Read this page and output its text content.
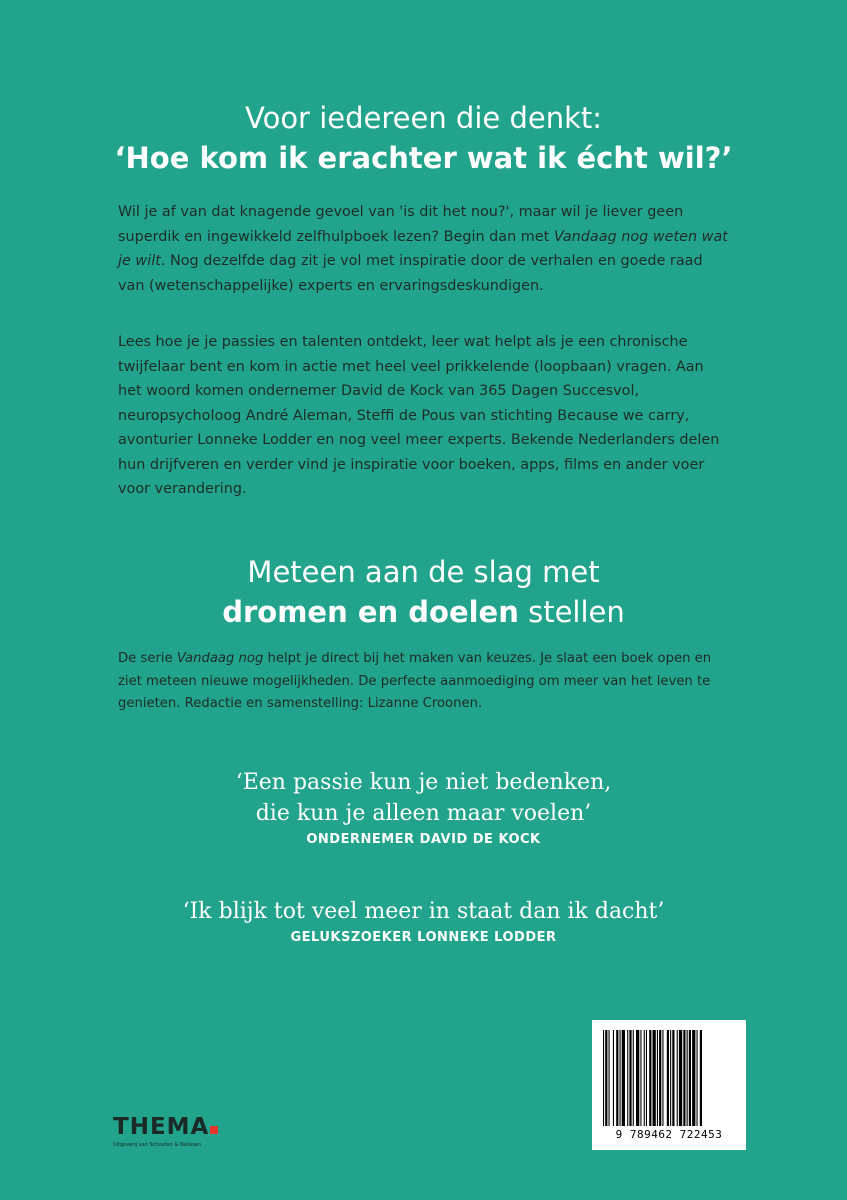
Voor iedereen die denkt:
‘Hoe kom ik erachter wat ik écht wil?’
Wil je af van dat knagende gevoel van 'is dit het nou?', maar wil je liever geen superdik en ingewikkeld zelfhulpboek lezen? Begin dan met Vandaag nog weten wat je wilt. Nog dezelfde dag zit je vol met inspiratie door de verhalen en goede raad van (wetenschappelijke) experts en ervaringsdeskundigen.
Lees hoe je je passies en talenten ontdekt, leer wat helpt als je een chronische twijfelaar bent en kom in actie met heel veel prikkelende (loopbaan) vragen. Aan het woord komen ondernemer David de Kock van 365 Dagen Succesvol, neuropsycholoog André Aleman, Steffi de Pous van stichting Because we carry, avonturier Lonneke Lodder en nog veel meer experts. Bekende Nederlanders delen hun drijfveren en verder vind je inspiratie voor boeken, apps, films en ander voer voor verandering.
Meteen aan de slag met
dromen en doelen stellen
De serie Vandaag nog helpt je direct bij het maken van keuzes. Je slaat een boek open en ziet meteen nieuwe mogelijkheden. De perfecte aanmoediging om meer van het leven te genieten. Redactie en samenstelling: Lizanne Croonen.
‘Een passie kun je niet bedenken,
die kun je alleen maar voelen’
ONDERNEMER DAVID DE KOCK
‘Ik blijk tot veel meer in staat dan ik dacht’
GELUKSZOEKER LONNEKE LODDER
THEMA
Uitgeverij van Schouten & Nelissen
9 789462 722453
